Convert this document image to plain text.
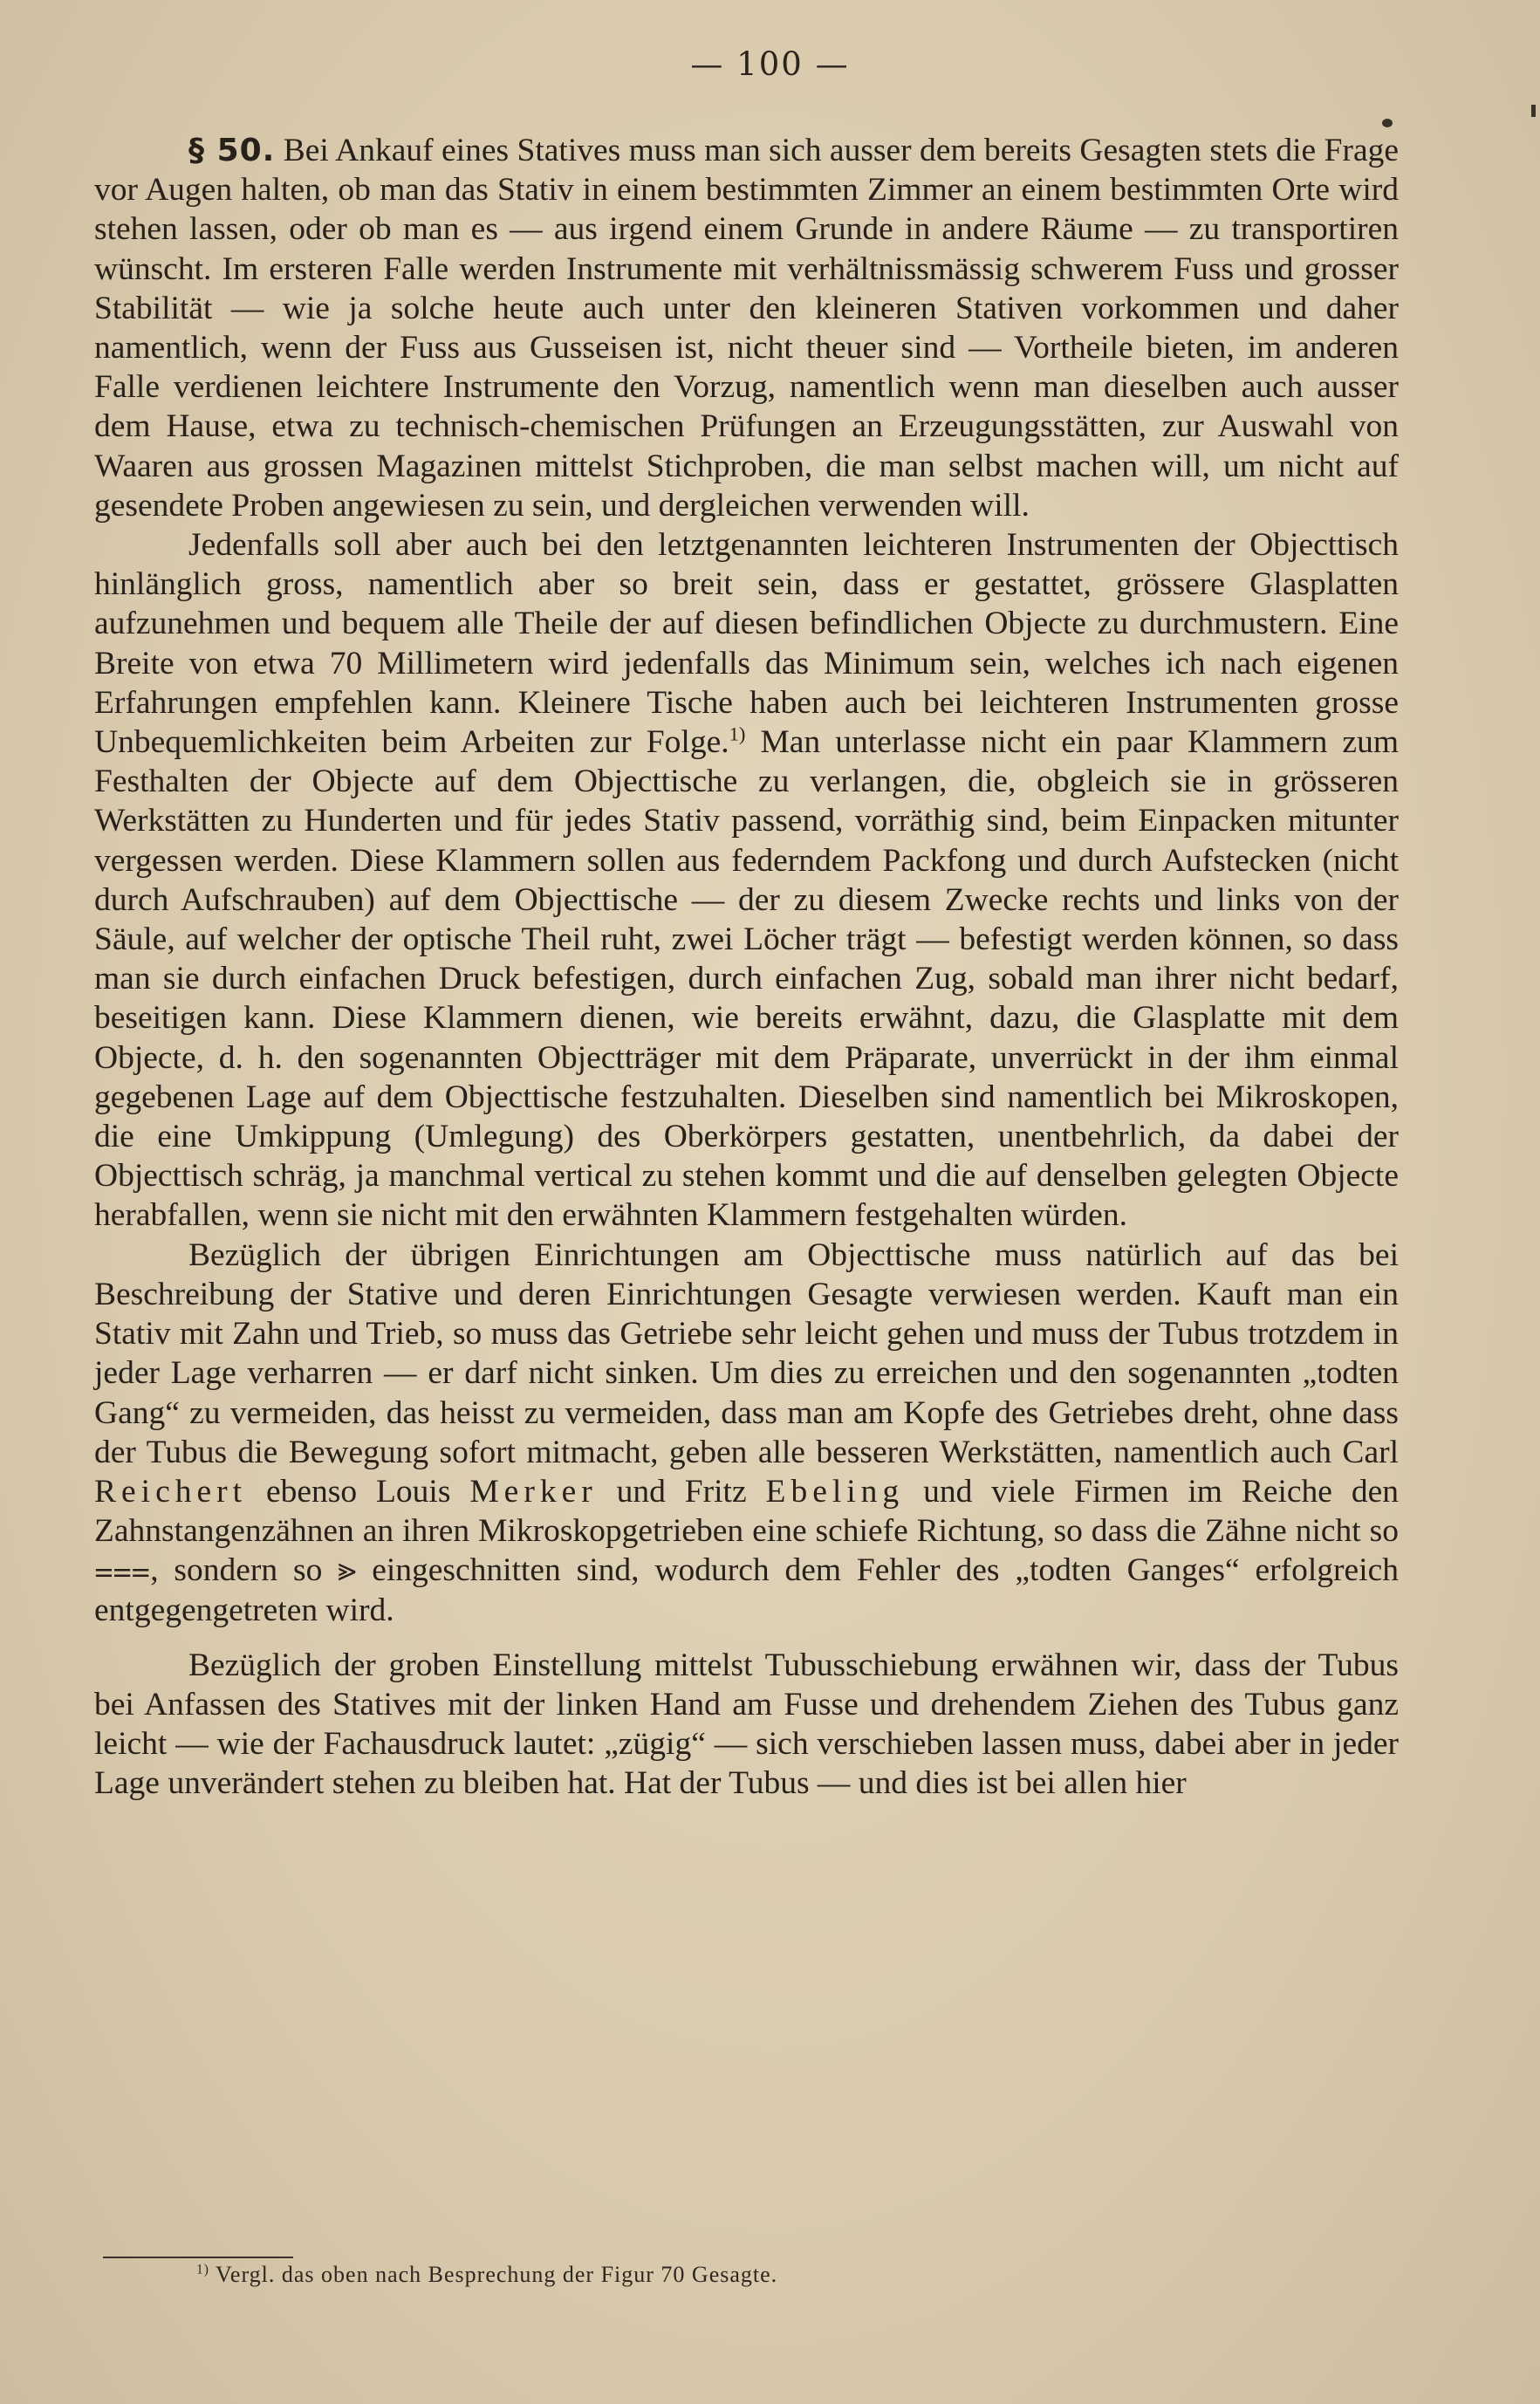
— 100 —

§ 50. Bei Ankauf eines Statives muss man sich ausser dem bereits Gesagten stets die Frage vor Augen halten, ob man das Stativ in einem bestimmten Zimmer an einem bestimmten Orte wird stehen lassen, oder ob man es — aus irgend einem Grunde in andere Räume — zu transportiren wünscht. Im ersteren Falle werden Instrumente mit verhältnissmässig schwerem Fuss und grosser Stabilität — wie ja solche heute auch unter den kleineren Stativen vorkommen und daher namentlich, wenn der Fuss aus Gusseisen ist, nicht theuer sind — Vortheile bieten, im anderen Falle verdienen leichtere Instrumente den Vorzug, namentlich wenn man dieselben auch ausser dem Hause, etwa zu technisch-chemischen Prüfungen an Erzeugungsstätten, zur Auswahl von Waaren aus grossen Magazinen mittelst Stichproben, die man selbst machen will, um nicht auf gesendete Proben angewiesen zu sein, und dergleichen verwenden will.

Jedenfalls soll aber auch bei den letztgenannten leichteren Instrumenten der Objecttisch hinlänglich gross, namentlich aber so breit sein, dass er gestattet, grössere Glasplatten aufzunehmen und bequem alle Theile der auf diesen befindlichen Objecte zu durchmustern. Eine Breite von etwa 70 Millimetern wird jedenfalls das Minimum sein, welches ich nach eigenen Erfahrungen empfehlen kann. Kleinere Tische haben auch bei leichteren Instrumenten grosse Unbequemlichkeiten beim Arbeiten zur Folge.$^{1)}$ Man unterlasse nicht ein paar Klammern zum Festhalten der Objecte auf dem Objecttische zu verlangen, die, obgleich sie in grösseren Werkstätten zu Hunderten und für jedes Stativ passend, vorräthig sind, beim Einpacken mitunter vergessen werden. Diese Klammern sollen aus federndem Packfong und durch Aufstecken (nicht durch Aufschrauben) auf dem Objecttische — der zu diesem Zwecke rechts und links von der Säule, auf welcher der optische Theil ruht, zwei Löcher trägt — befestigt werden können, so dass man sie durch einfachen Druck befestigen, durch einfachen Zug, sobald man ihrer nicht bedarf, beseitigen kann. Diese Klammern dienen, wie bereits erwähnt, dazu, die Glasplatte mit dem Objecte, d. h. den sogenannten Objectträger mit dem Präparate, unverrückt in der ihm einmal gegebenen Lage auf dem Objecttische festzuhalten. Dieselben sind namentlich bei Mikroskopen, die eine Umkippung (Umlegung) des Oberkörpers gestatten, unentbehrlich, da dabei der Objecttisch schräg, ja manchmal vertical zu stehen kommt und die auf denselben gelegten Objecte herabfallen, wenn sie nicht mit den erwähnten Klammern festgehalten würden.

Bezüglich der übrigen Einrichtungen am Objecttische muss natürlich auf das bei Beschreibung der Stative und deren Einrichtungen Gesagte verwiesen werden. Kauft man ein Stativ mit Zahn und Trieb, so muss das Getriebe sehr leicht gehen und muss der Tubus trotzdem in jeder Lage verharren — er darf nicht sinken. Um dies zu erreichen und den sogenannten „todten Gang“ zu vermeiden, das heisst zu vermeiden, dass man am Kopfe des Getriebes dreht, ohne dass der Tubus die Bewegung sofort mitmacht, geben alle besseren Werkstätten, namentlich auch Carl Reichert ebenso Louis Merker und Fritz Ebeling und viele Firmen im Reiche den Zahnstangenzähnen an ihren Mikroskopgetrieben eine schiefe Richtung, so dass die Zähne nicht so ⩶, sondern so ⪢ eingeschnitten sind, wodurch dem Fehler des „todten Ganges“ erfolgreich entgegengetreten wird.

Bezüglich der groben Einstellung mittelst Tubusschiebung erwähnen wir, dass der Tubus bei Anfassen des Statives mit der linken Hand am Fusse und drehendem Ziehen des Tubus ganz leicht — wie der Fachausdruck lautet: „zügig“ — sich verschieben lassen muss, dabei aber in jeder Lage unverändert stehen zu bleiben hat. Hat der Tubus — und dies ist bei allen hier

$^{1)}$ Vergl. das oben nach Besprechung der Figur 70 Gesagte.
